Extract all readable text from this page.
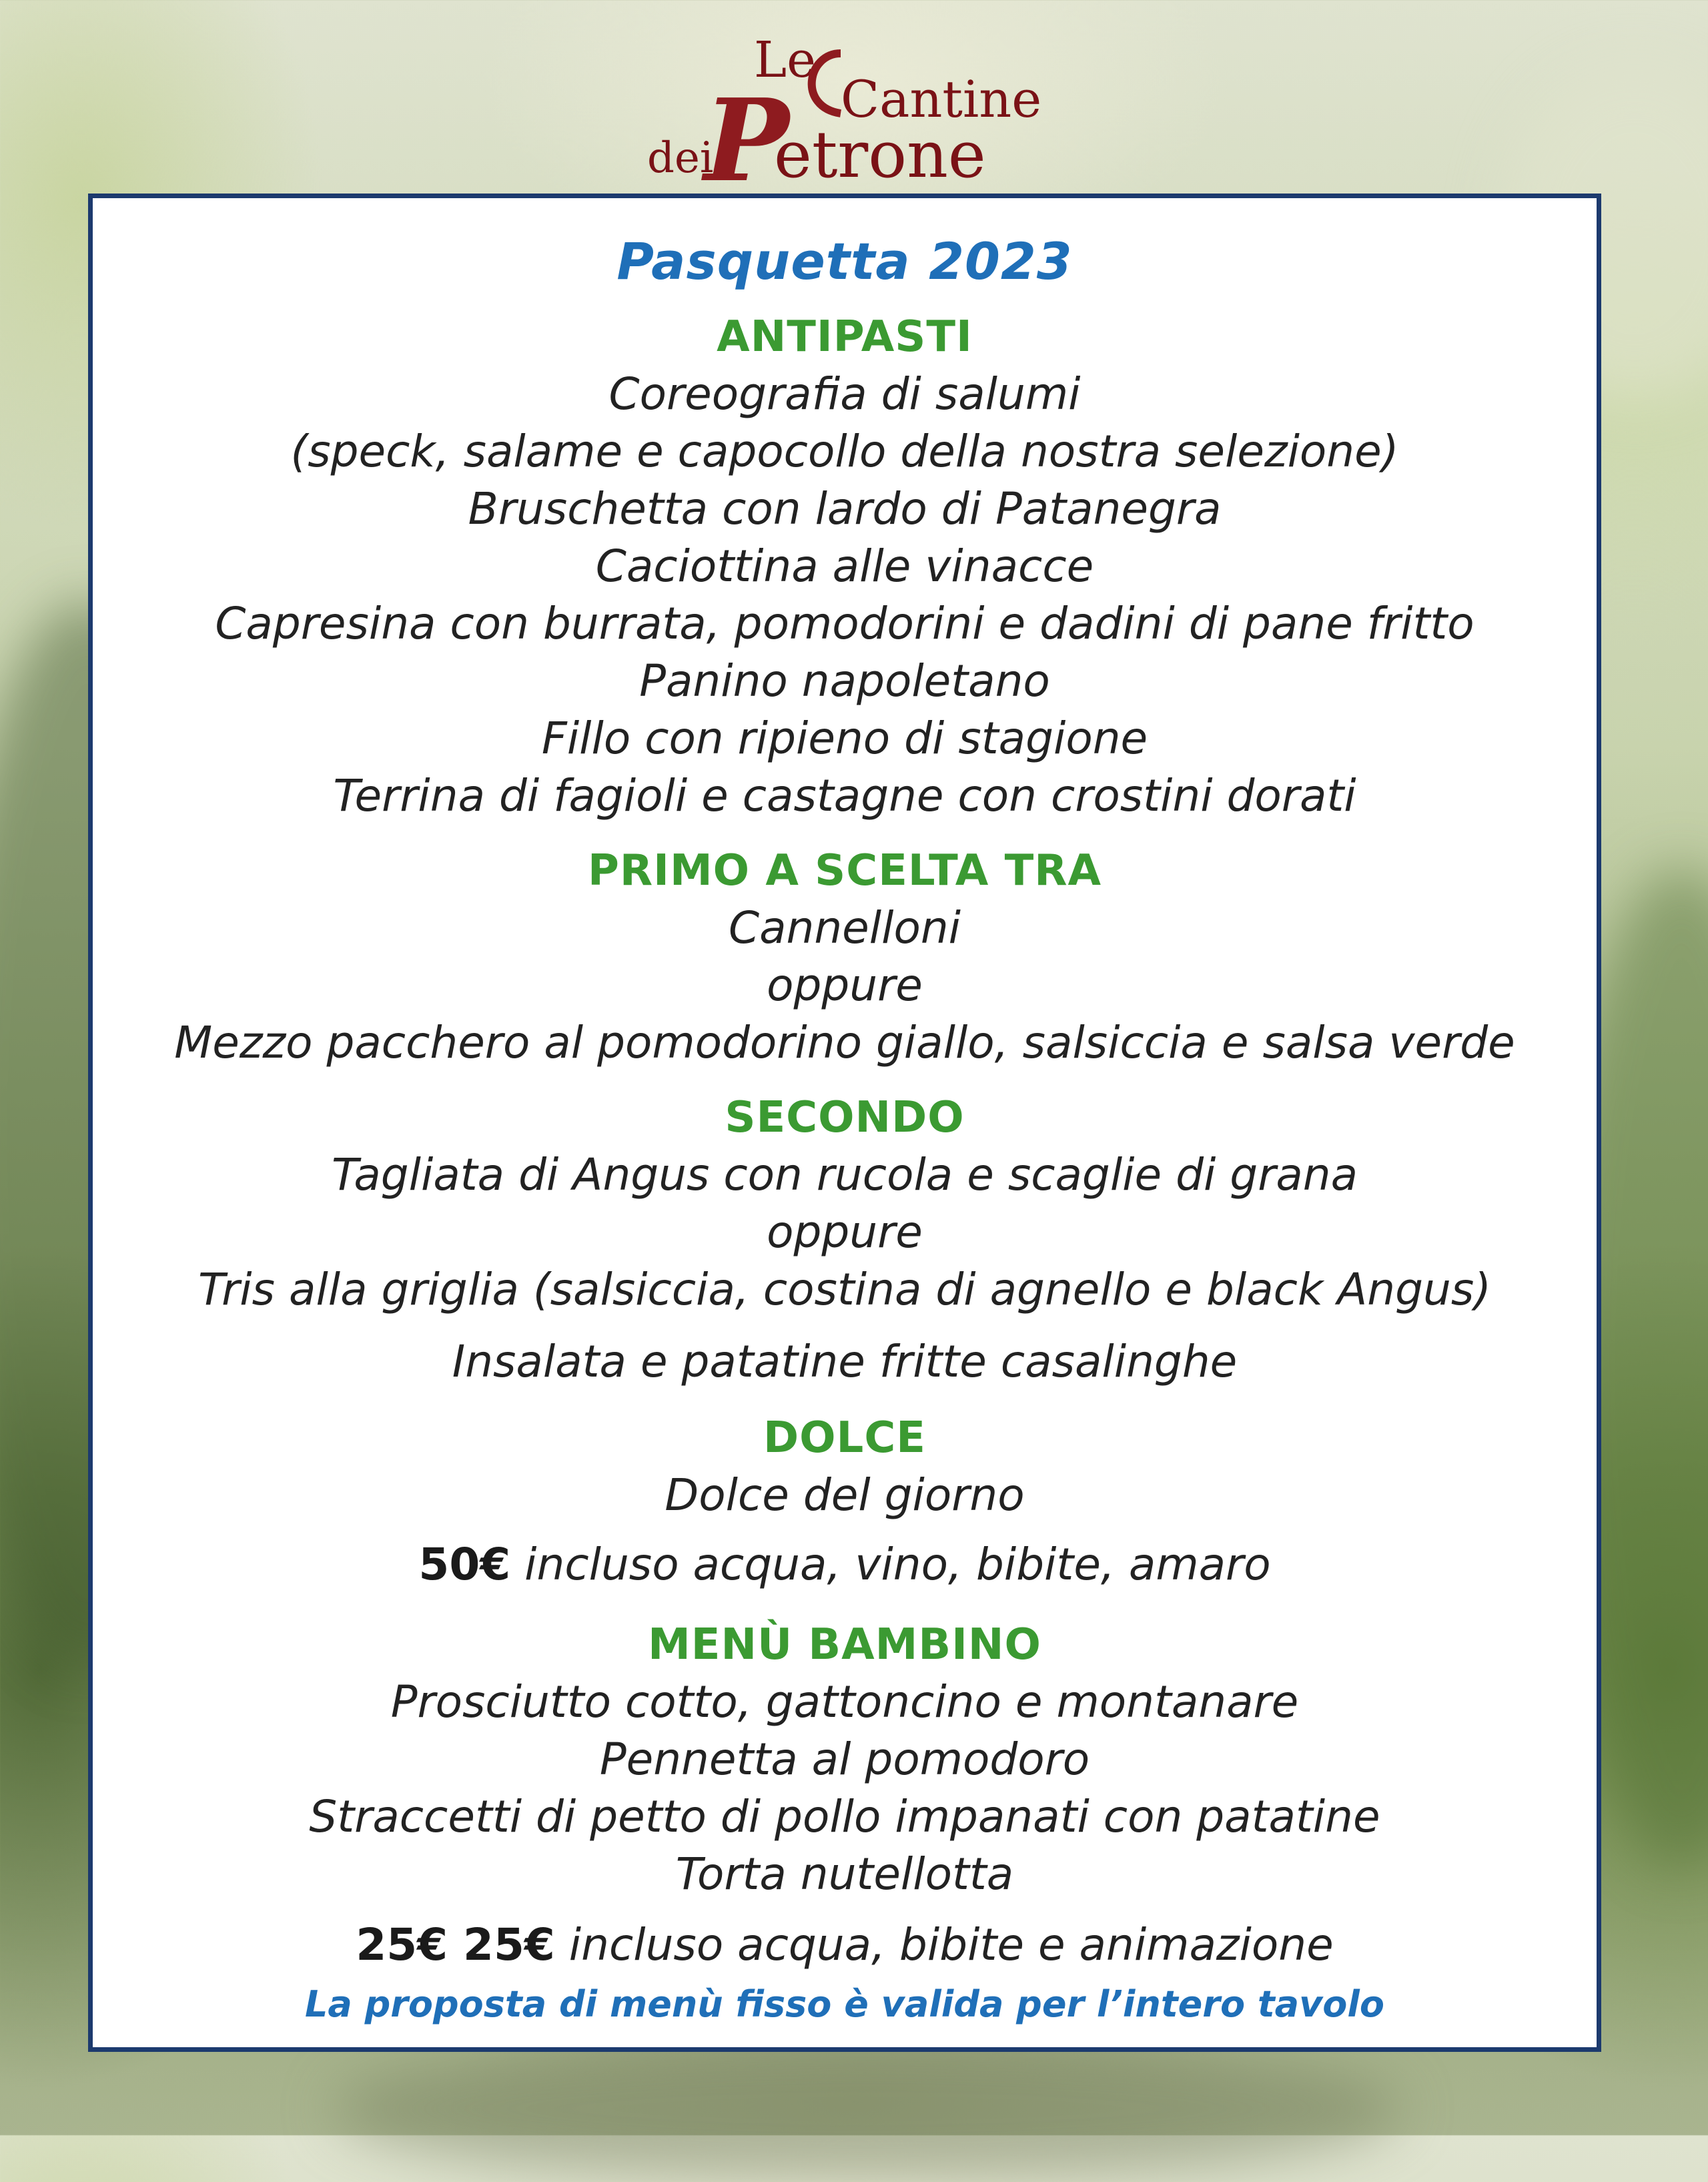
Le
Cantine
dei
P
etrone
Pasquetta 2023
ANTIPASTI
Coreografia di salumi
(speck, salame e capocollo della nostra selezione)
Bruschetta con lardo di Patanegra
Caciottina alle vinacce
Capresina con burrata, pomodorini e dadini di pane fritto
Panino napoletano
Fillo con ripieno di stagione
Terrina di fagioli e castagne con crostini dorati
PRIMO A SCELTA TRA
Cannelloni
oppure
Mezzo pacchero al pomodorino giallo, salsiccia e salsa verde
SECONDO
Tagliata di Angus con rucola e scaglie di grana
oppure
Tris alla griglia (salsiccia, costina di agnello e black Angus)
Insalata e patatine fritte casalinghe
DOLCE
Dolce del giorno
50€ incluso acqua, vino, bibite, amaro
MENÙ BAMBINO
Prosciutto cotto, gattoncino e montanare
Pennetta al pomodoro
Straccetti di petto di pollo impanati con patatine
Torta nutellotta
25€ 25€ incluso acqua, bibite e animazione
La proposta di menù fisso è valida per l’intero tavolo
